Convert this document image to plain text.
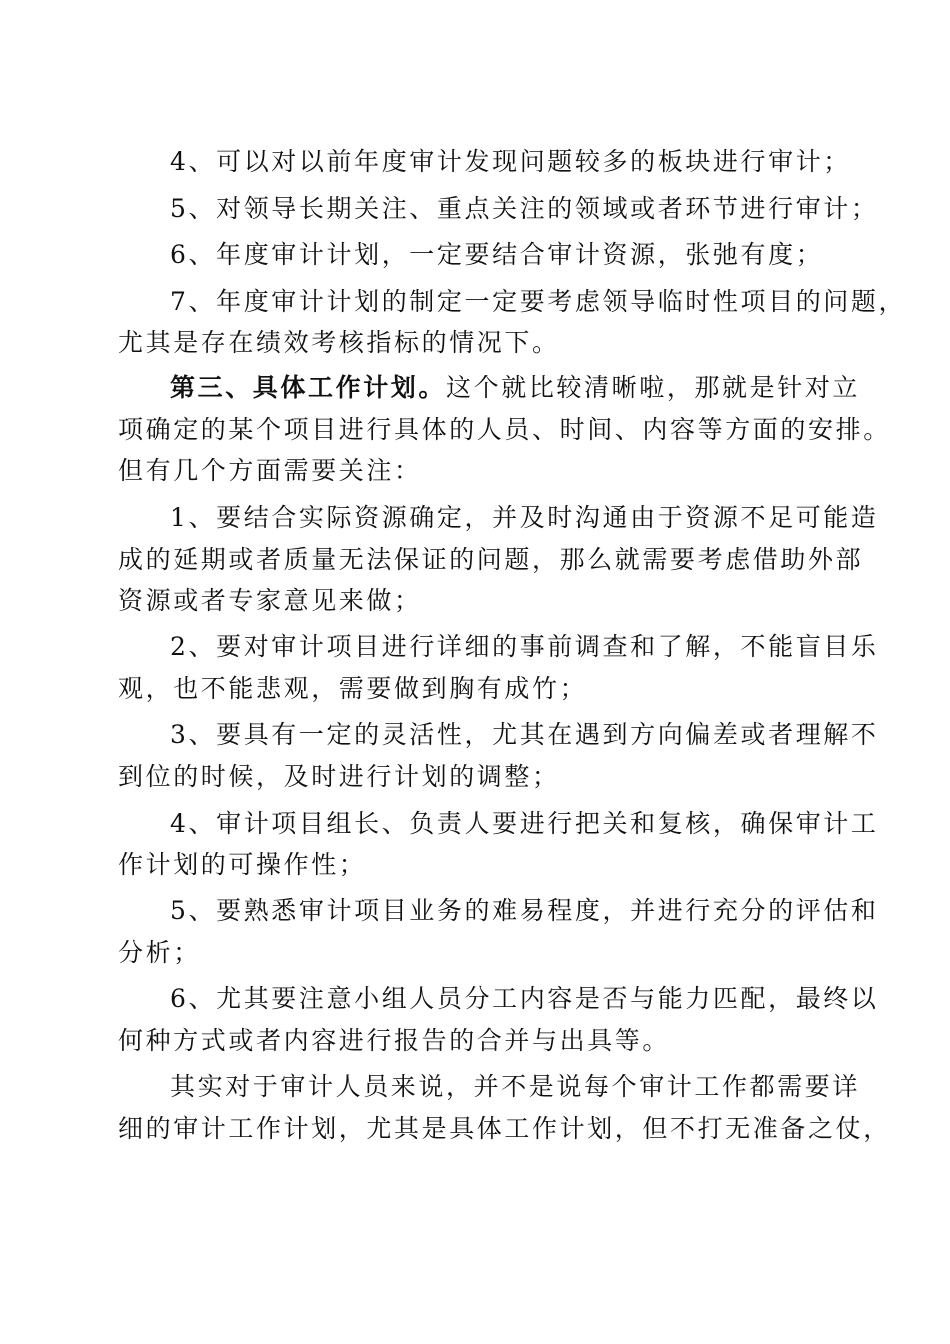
4、可以对以前年度审计发现问题较多的板块进行审计；
5、对领导长期关注、重点关注的领域或者环节进行审计；
6、年度审计计划，一定要结合审计资源，张弛有度；
7、年度审计计划的制定一定要考虑领导临时性项目的问题，
尤其是存在绩效考核指标的情况下。
第三、具体工作计划。这个就比较清晰啦，那就是针对立
项确定的某个项目进行具体的人员、时间、内容等方面的安排。
但有几个方面需要关注：
1、要结合实际资源确定，并及时沟通由于资源不足可能造
成的延期或者质量无法保证的问题，那么就需要考虑借助外部
资源或者专家意见来做；
2、要对审计项目进行详细的事前调查和了解，不能盲目乐
观，也不能悲观，需要做到胸有成竹；
3、要具有一定的灵活性，尤其在遇到方向偏差或者理解不
到位的时候，及时进行计划的调整；
4、审计项目组长、负责人要进行把关和复核，确保审计工
作计划的可操作性；
5、要熟悉审计项目业务的难易程度，并进行充分的评估和
分析；
6、尤其要注意小组人员分工内容是否与能力匹配，最终以
何种方式或者内容进行报告的合并与出具等。
其实对于审计人员来说，并不是说每个审计工作都需要详
细的审计工作计划，尤其是具体工作计划，但不打无准备之仗，
